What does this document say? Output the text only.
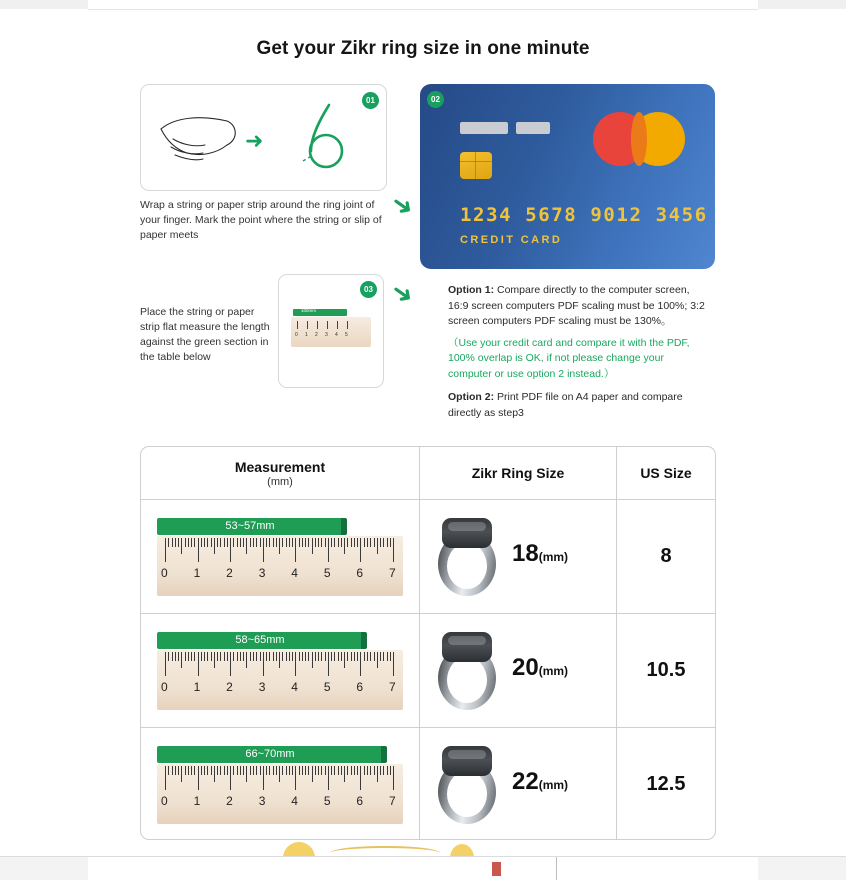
Get your Zikr ring size in one minute
01
➜
Wrap a string or paper strip around the ring joint of your finger. Mark the point where the string or slip of paper meets
➜
➜
02
1234 5678 9012 3456
CREDIT CARD
03
100mm
0 1 2 3 4 5
Place the string or paper strip flat measure the length against the green section in the table below
Option 1: Compare directly to the computer screen, 16:9 screen computers PDF scaling must be 100%; 3:2 screen computers PDF scaling must be 130%。
（Use your credit card and compare it with the PDF, 100% overlap is OK, if not please change your computer or use option 2 instead.）
Option 2: Print PDF file on A4 paper and compare directly as step3
Measurement
(mm)
Zikr Ring Size	US Size
53~57mm
0 1 2 3 4 5 6 7
18(mm)	8
58~65mm
0 1 2 3 4 5 6 7
20(mm)	10.5
66~70mm
0 1 2 3 4 5 6 7
22(mm)	12.5
